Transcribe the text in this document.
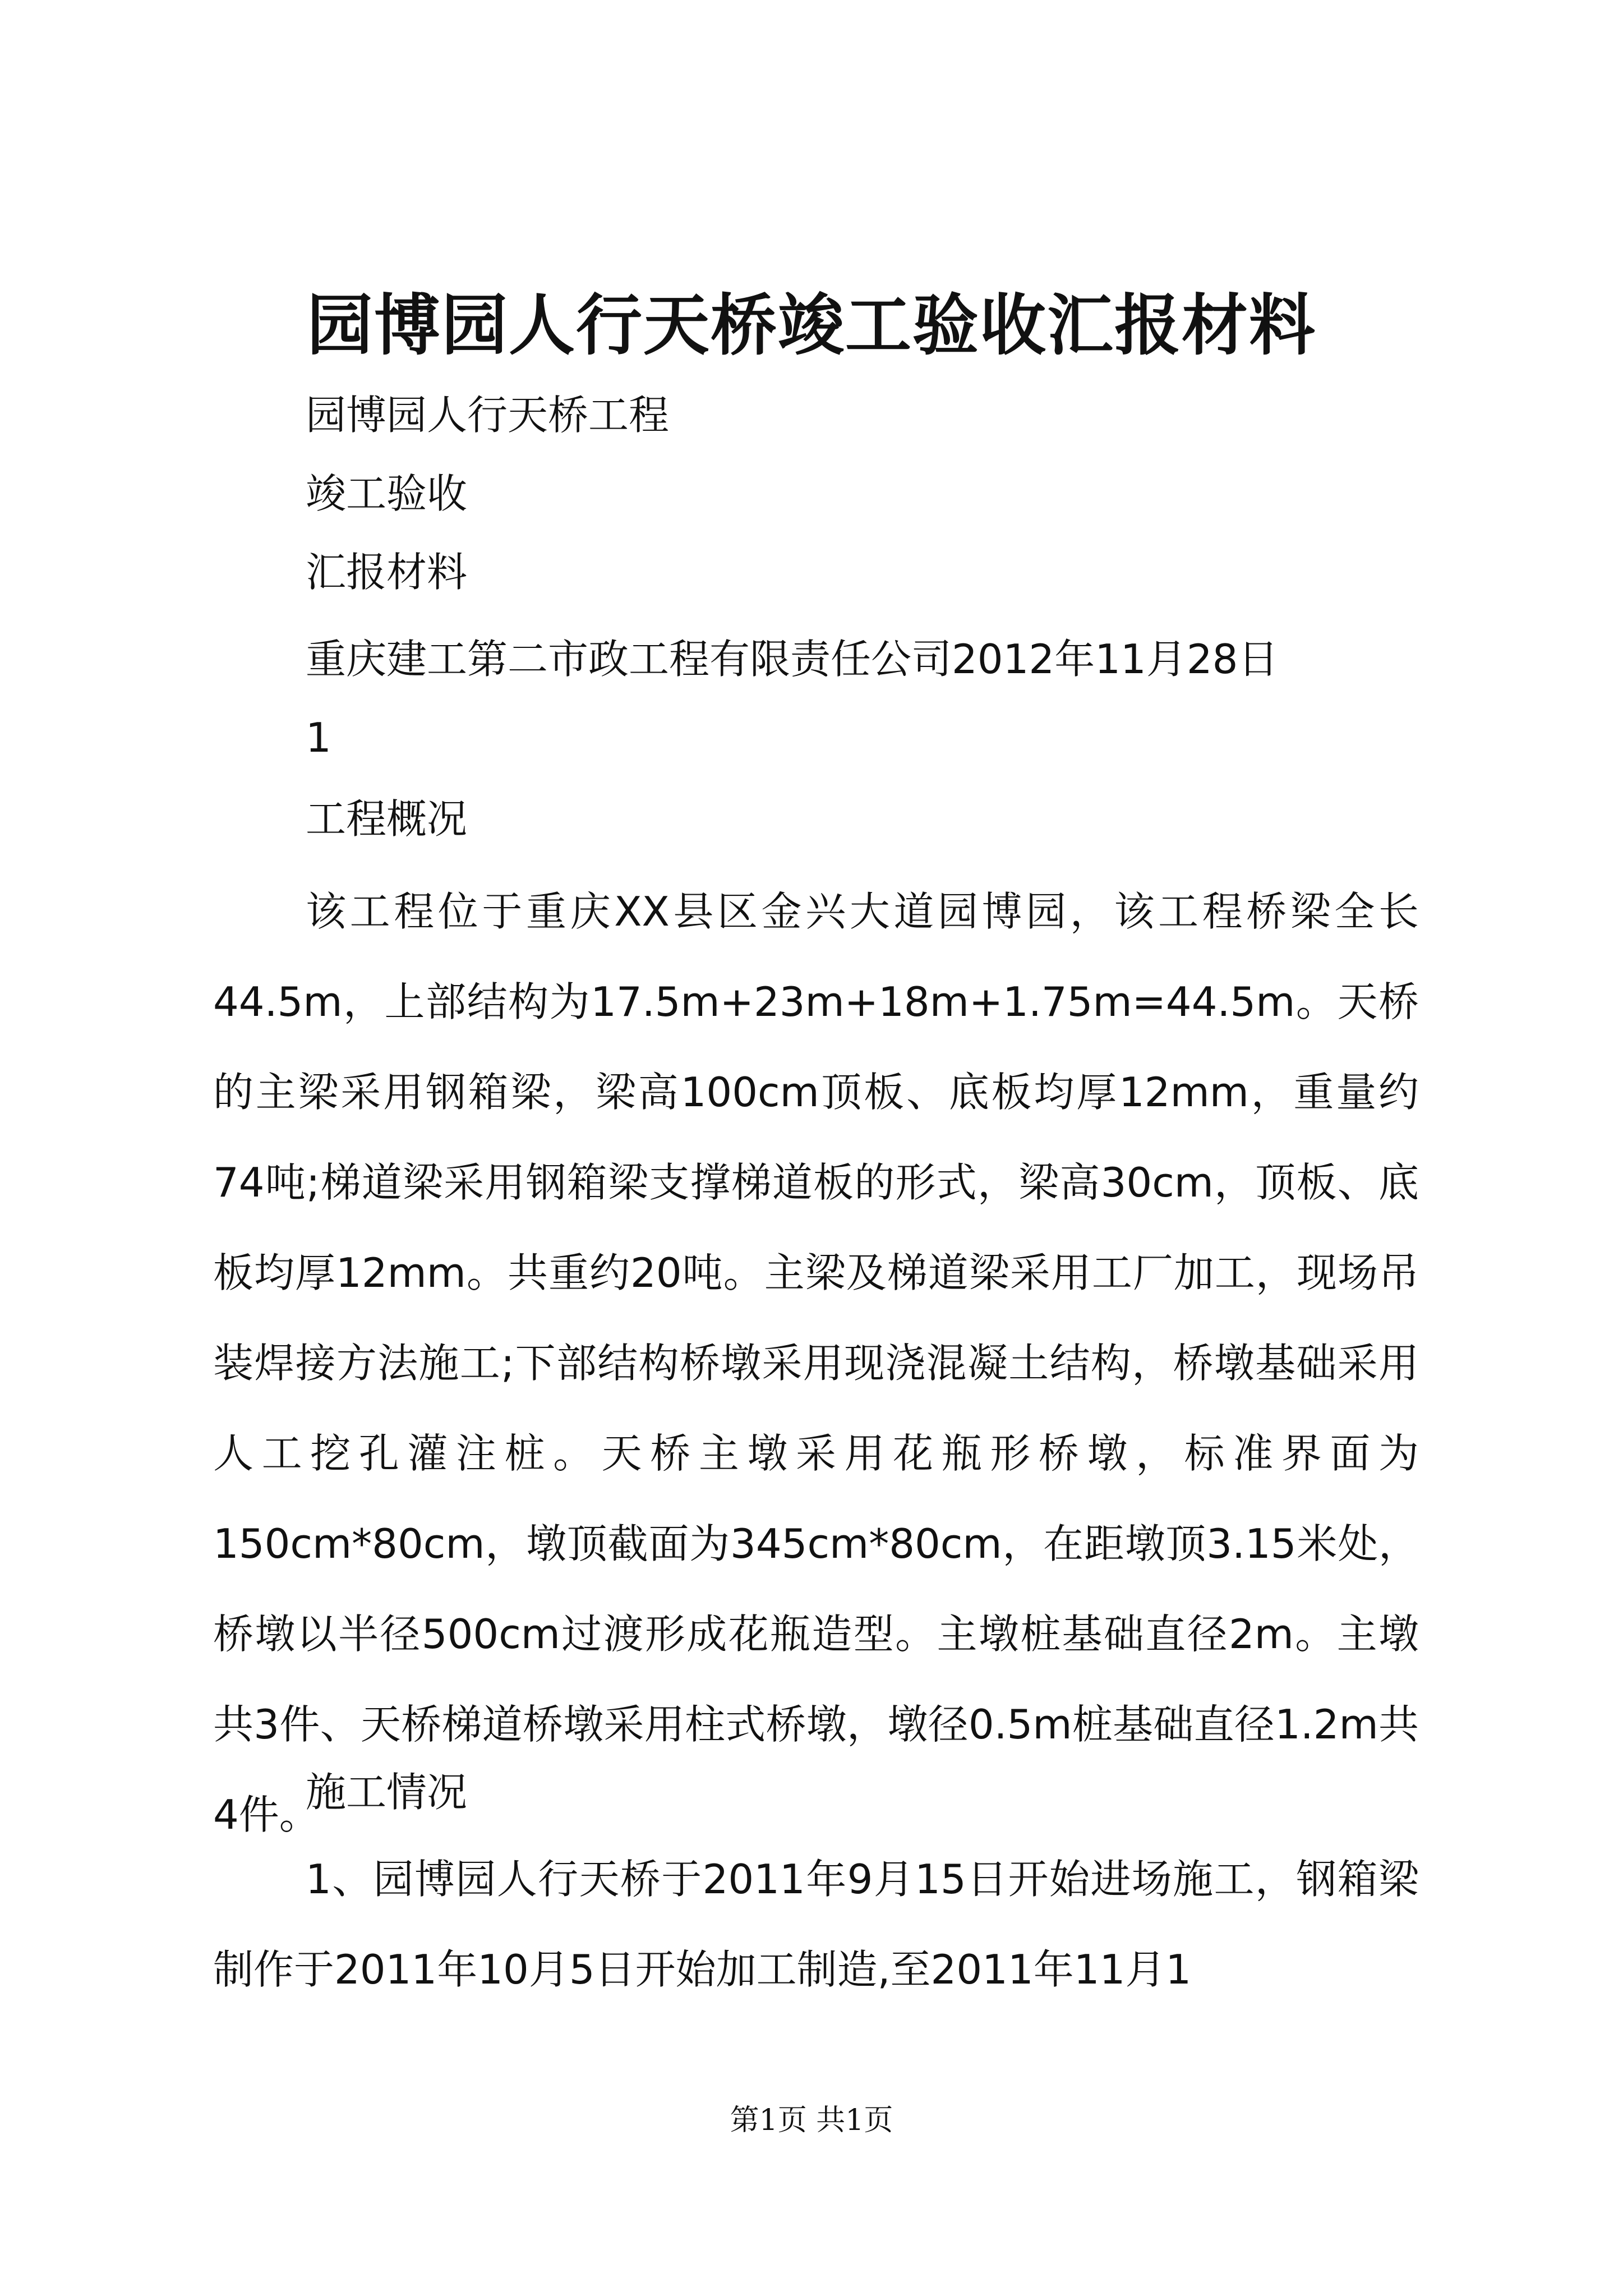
园博园人行天桥竣工验收汇报材料
园博园人行天桥工程
竣工验收
汇报材料
重庆建工第二市政工程有限责任公司2012年11月28日
1
工程概况

该工程位于重庆XX县区金兴大道园博园，该工程桥梁全长44.5m，上部结构为17.5m+23m+18m+1.75m=44.5m。天桥的主梁采用钢箱梁，梁高100cm顶板、底板均厚12mm，重量约74吨;梯道梁采用钢箱梁支撑梯道板的形式，梁高30cm，顶板、底板均厚12mm。共重约20吨。主梁及梯道梁采用工厂加工，现场吊装焊接方法施工;下部结构桥墩采用现浇混凝土结构，桥墩基础采用人工挖孔灌注桩。天桥主墩采用花瓶形桥墩，标准界面为150cm*80cm，墩顶截面为345cm*80cm，在距墩顶3.15米处，桥墩以半径500cm过渡形成花瓶造型。主墩桩基础直径2m。主墩共3件、天桥梯道桥墩采用柱式桥墩，墩径0.5m桩基础直径1.2m共4件。

施工情况

1、园博园人行天桥于2011年9月15日开始进场施工，钢箱梁制作于2011年10月5日开始加工制造,至2011年11月1

第1页 共1页
